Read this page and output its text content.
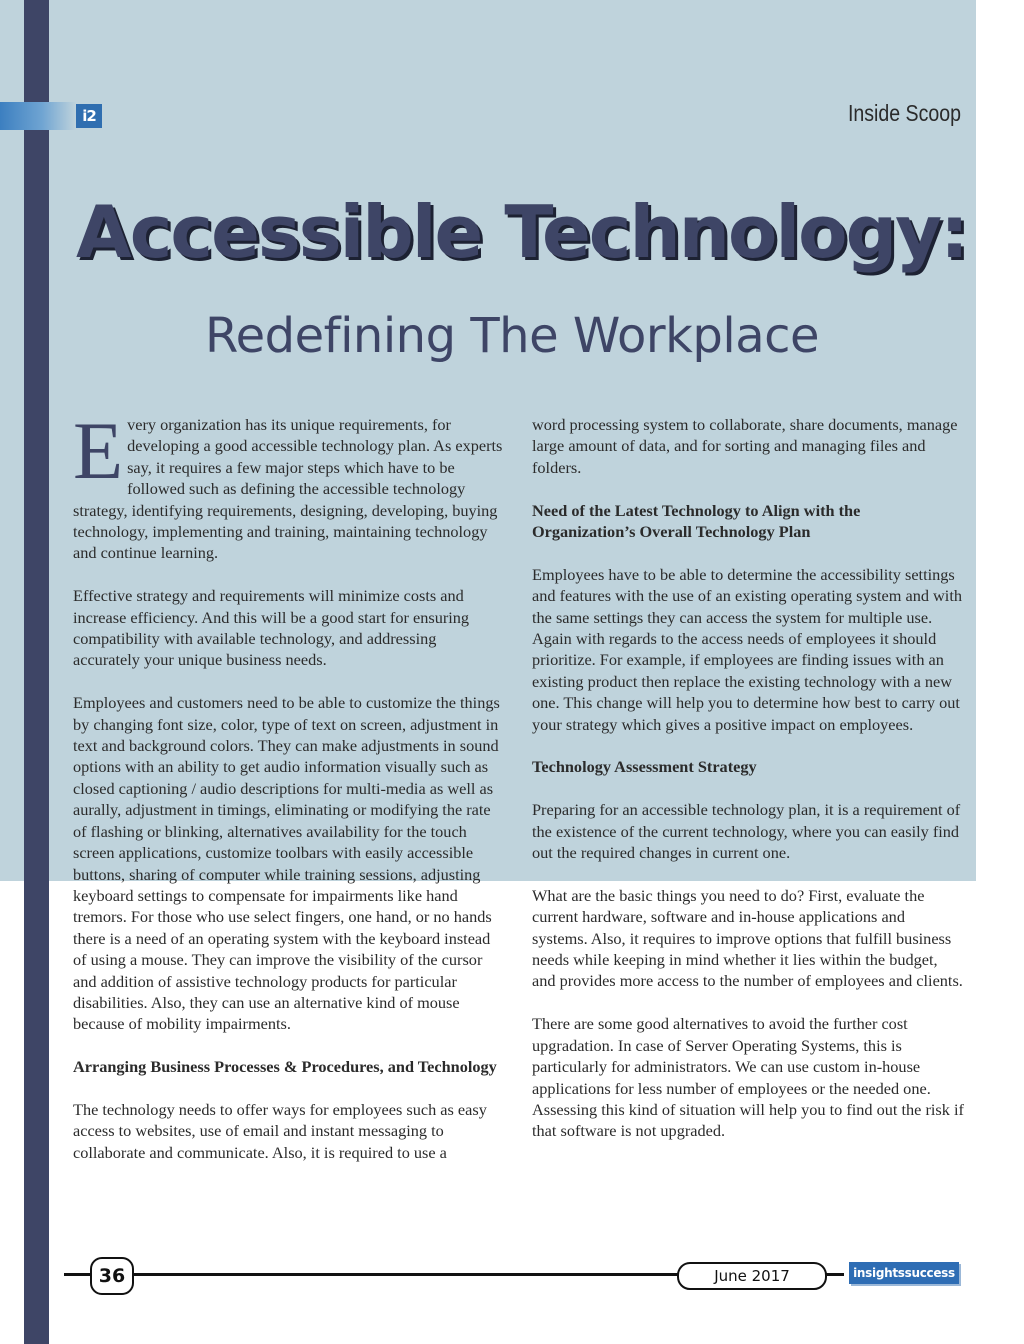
i2	Inside Scoop
Accessible Technology:
Redefining The Workplace

E very organization has its unique requirements, for developing a good accessible technology plan. As experts say, it requires a few major steps which have to be followed such as defining the accessible technology strategy, identifying requirements, designing, developing, buying technology, implementing and training, maintaining technology and continue learning.

Effective strategy and requirements will minimize costs and increase efficiency. And this will be a good start for ensuring compatibility with available technology, and addressing accurately your unique business needs.

Employees and customers need to be able to customize the things by changing font size, color, type of text on screen, adjustment in text and background colors. They can make adjustments in sound options with an ability to get audio information visually such as closed captioning / audio descriptions for multi-media as well as aurally, adjustment in timings, eliminating or modifying the rate of flashing or blinking, alternatives availability for the touch screen applications, customize toolbars with easily accessible buttons, sharing of computer while training sessions, adjusting keyboard settings to compensate for impairments like hand tremors. For those who use select fingers, one hand, or no hands there is a need of an operating system with the keyboard instead of using a mouse. They can improve the visibility of the cursor and addition of assistive technology products for particular disabilities. Also, they can use an alternative kind of mouse because of mobility impairments.

Arranging Business Processes & Procedures, and Technology

The technology needs to offer ways for employees such as easy access to websites, use of email and instant messaging to collaborate and communicate. Also, it is required to use a

word processing system to collaborate, share documents, manage large amount of data, and for sorting and managing files and folders.

Need of the Latest Technology to Align with the Organization’s Overall Technology Plan

Employees have to be able to determine the accessibility settings and features with the use of an existing operating system and with the same settings they can access the system for multiple use. Again with regards to the access needs of employees it should prioritize. For example, if employees are finding issues with an existing product then replace the existing technology with a new one. This change will help you to determine how best to carry out your strategy which gives a positive impact on employees.

Technology Assessment Strategy

Preparing for an accessible technology plan, it is a requirement of the existence of the current technology, where you can easily find out the required changes in current one.

What are the basic things you need to do? First, evaluate the current hardware, software and in-house applications and systems. Also, it requires to improve options that fulfill business needs while keeping in mind whether it lies within the budget, and provides more access to the number of employees and clients.

There are some good alternatives to avoid the further cost upgradation. In case of Server Operating Systems, this is particularly for administrators. We can use custom in-house applications for less number of employees or the needed one. Assessing this kind of situation will help you to find out the risk if that software is not upgraded.

36	June 2017	insightssuccess
